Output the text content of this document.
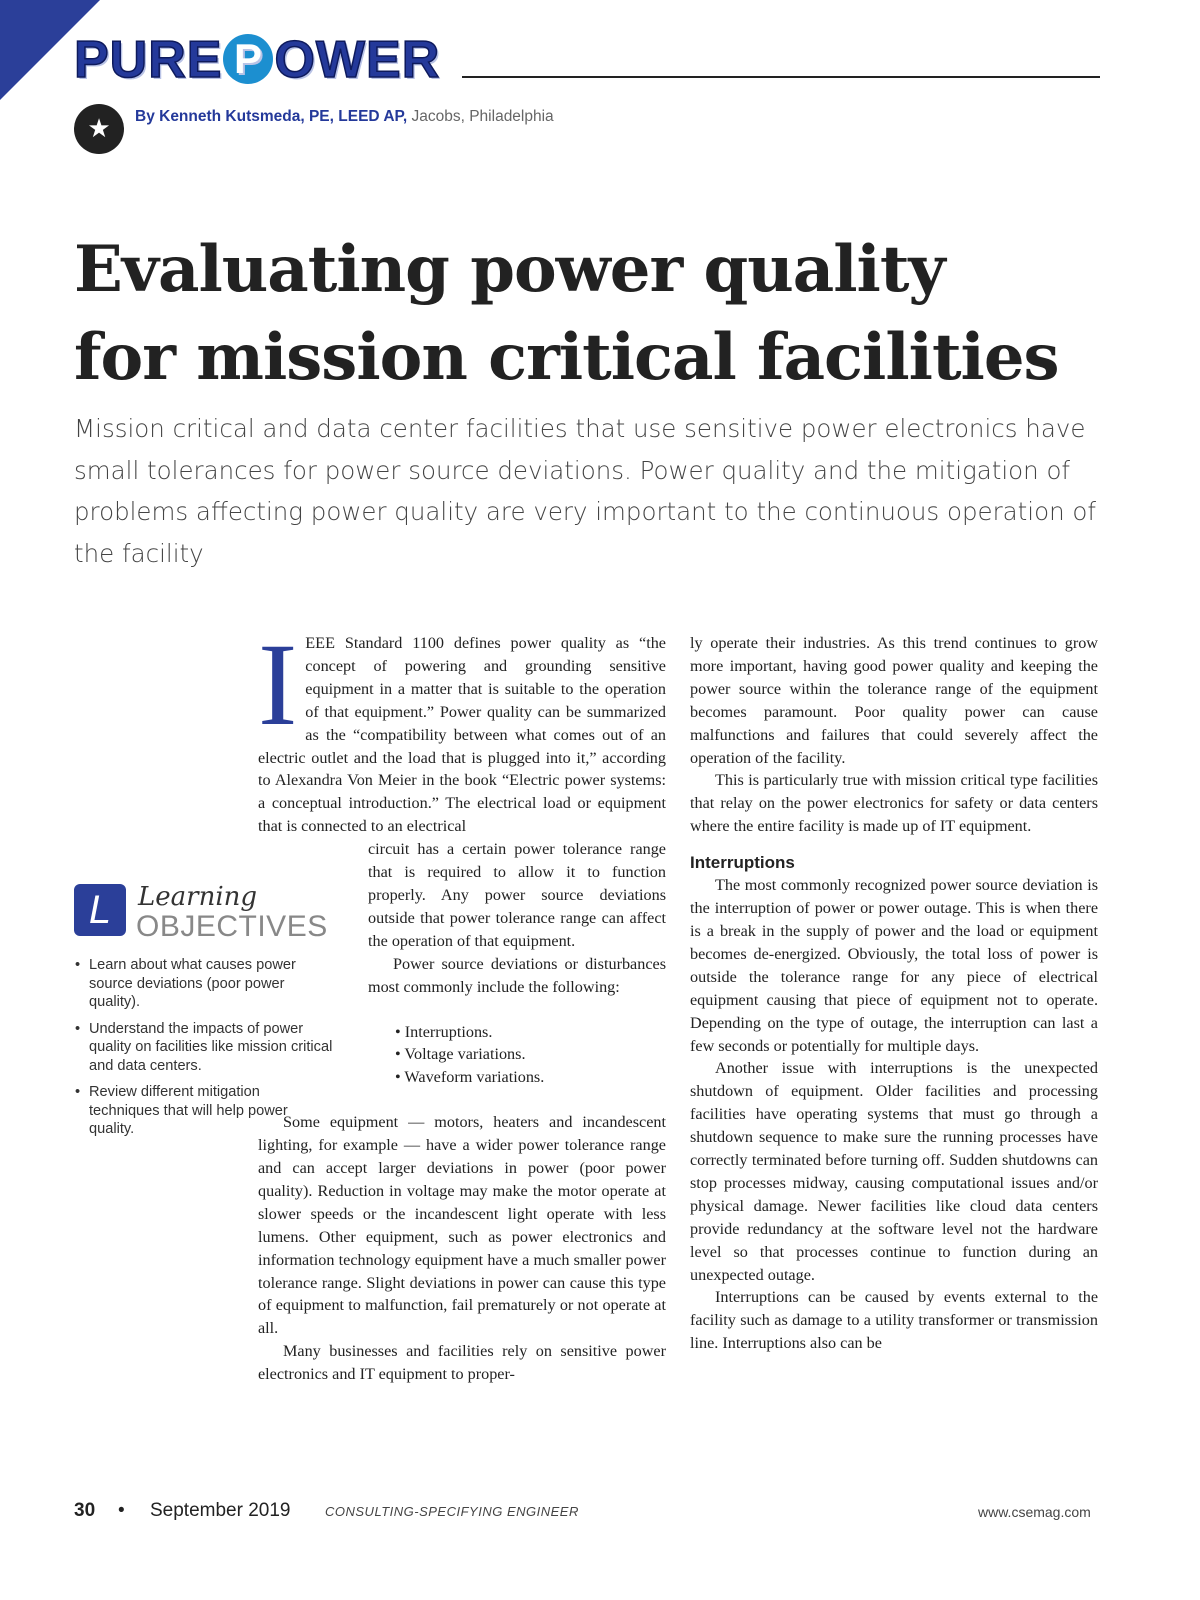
PURE P OWER
★	By Kenneth Kutsmeda, PE, LEED AP, Jacobs, Philadelphia
Evaluating power quality
for mission critical facilities

Mission critical and data center facilities that use sensitive power electronics have small tolerances for power source deviations. Power quality and the mitigation of problems affecting power quality are very important to the continuous operation of the facility

I EEE Standard 1100 defines power quality as “the concept of powering and grounding sensitive equipment in a matter that is suitable to the operation of that equipment.” Power quality can be summarized as the “compatibility between what comes out of an electric outlet and the load that is plugged into it,” according to Alexandra Von Meier in the book “Electric power systems: a conceptual introduction.” The electrical load or equipment that is connected to an electrical

circuit has a certain power tolerance range that is required to allow it to function properly. Any power source deviations outside that power tolerance range can affect the operation of that equipment.

Power source deviations or disturbances most commonly include the following:

• Interruptions.
• Voltage variations.
• Waveform variations.

Some equipment — motors, heaters and incandescent lighting, for example — have a wider power tolerance range and can accept larger deviations in power (poor power quality). Reduction in voltage may make the motor operate at slower speeds or the incandescent light operate with less lumens. Other equipment, such as power electronics and information technology equipment have a much smaller power tolerance range. Slight deviations in power can cause this type of equipment to malfunction, fail prematurely or not operate at all.

Many businesses and facilities rely on sensitive power electronics and IT equipment to proper-

ly operate their industries. As this trend continues to grow more important, having good power quality and keeping the power source within the tolerance range of the equipment becomes paramount. Poor quality power can cause malfunctions and failures that could severely affect the operation of the facility.

This is particularly true with mission critical type facilities that relay on the power electronics for safety or data centers where the entire facility is made up of IT equipment.

Interruptions

The most commonly recognized power source deviation is the interruption of power or power outage. This is when there is a break in the supply of power and the load or equipment becomes de-energized. Obviously, the total loss of power is outside the tolerance range for any piece of electrical equipment causing that piece of equipment not to operate. Depending on the type of outage, the interruption can last a few seconds or potentially for multiple days.

Another issue with interruptions is the unexpected shutdown of equipment. Older facilities and processing facilities have operating systems that must go through a shutdown sequence to make sure the running processes have correctly terminated before turning off. Sudden shutdowns can stop processes midway, causing computational issues and/or physical damage. Newer facilities like cloud data centers provide redundancy at the software level not the hardware level so that processes continue to function during an unexpected outage.

Interruptions can be caused by events external to the facility such as damage to a utility transformer or transmission line. Interruptions also can be

L Learning
OBJECTIVES
• Learn about what causes power source deviations (poor power quality).
• Understand the impacts of power quality on facilities like mission critical and data centers.
• Review different mitigation techniques that will help power quality.
30 • September 2019	CONSULTING-SPECIFYING ENGINEER	www.csemag.com
